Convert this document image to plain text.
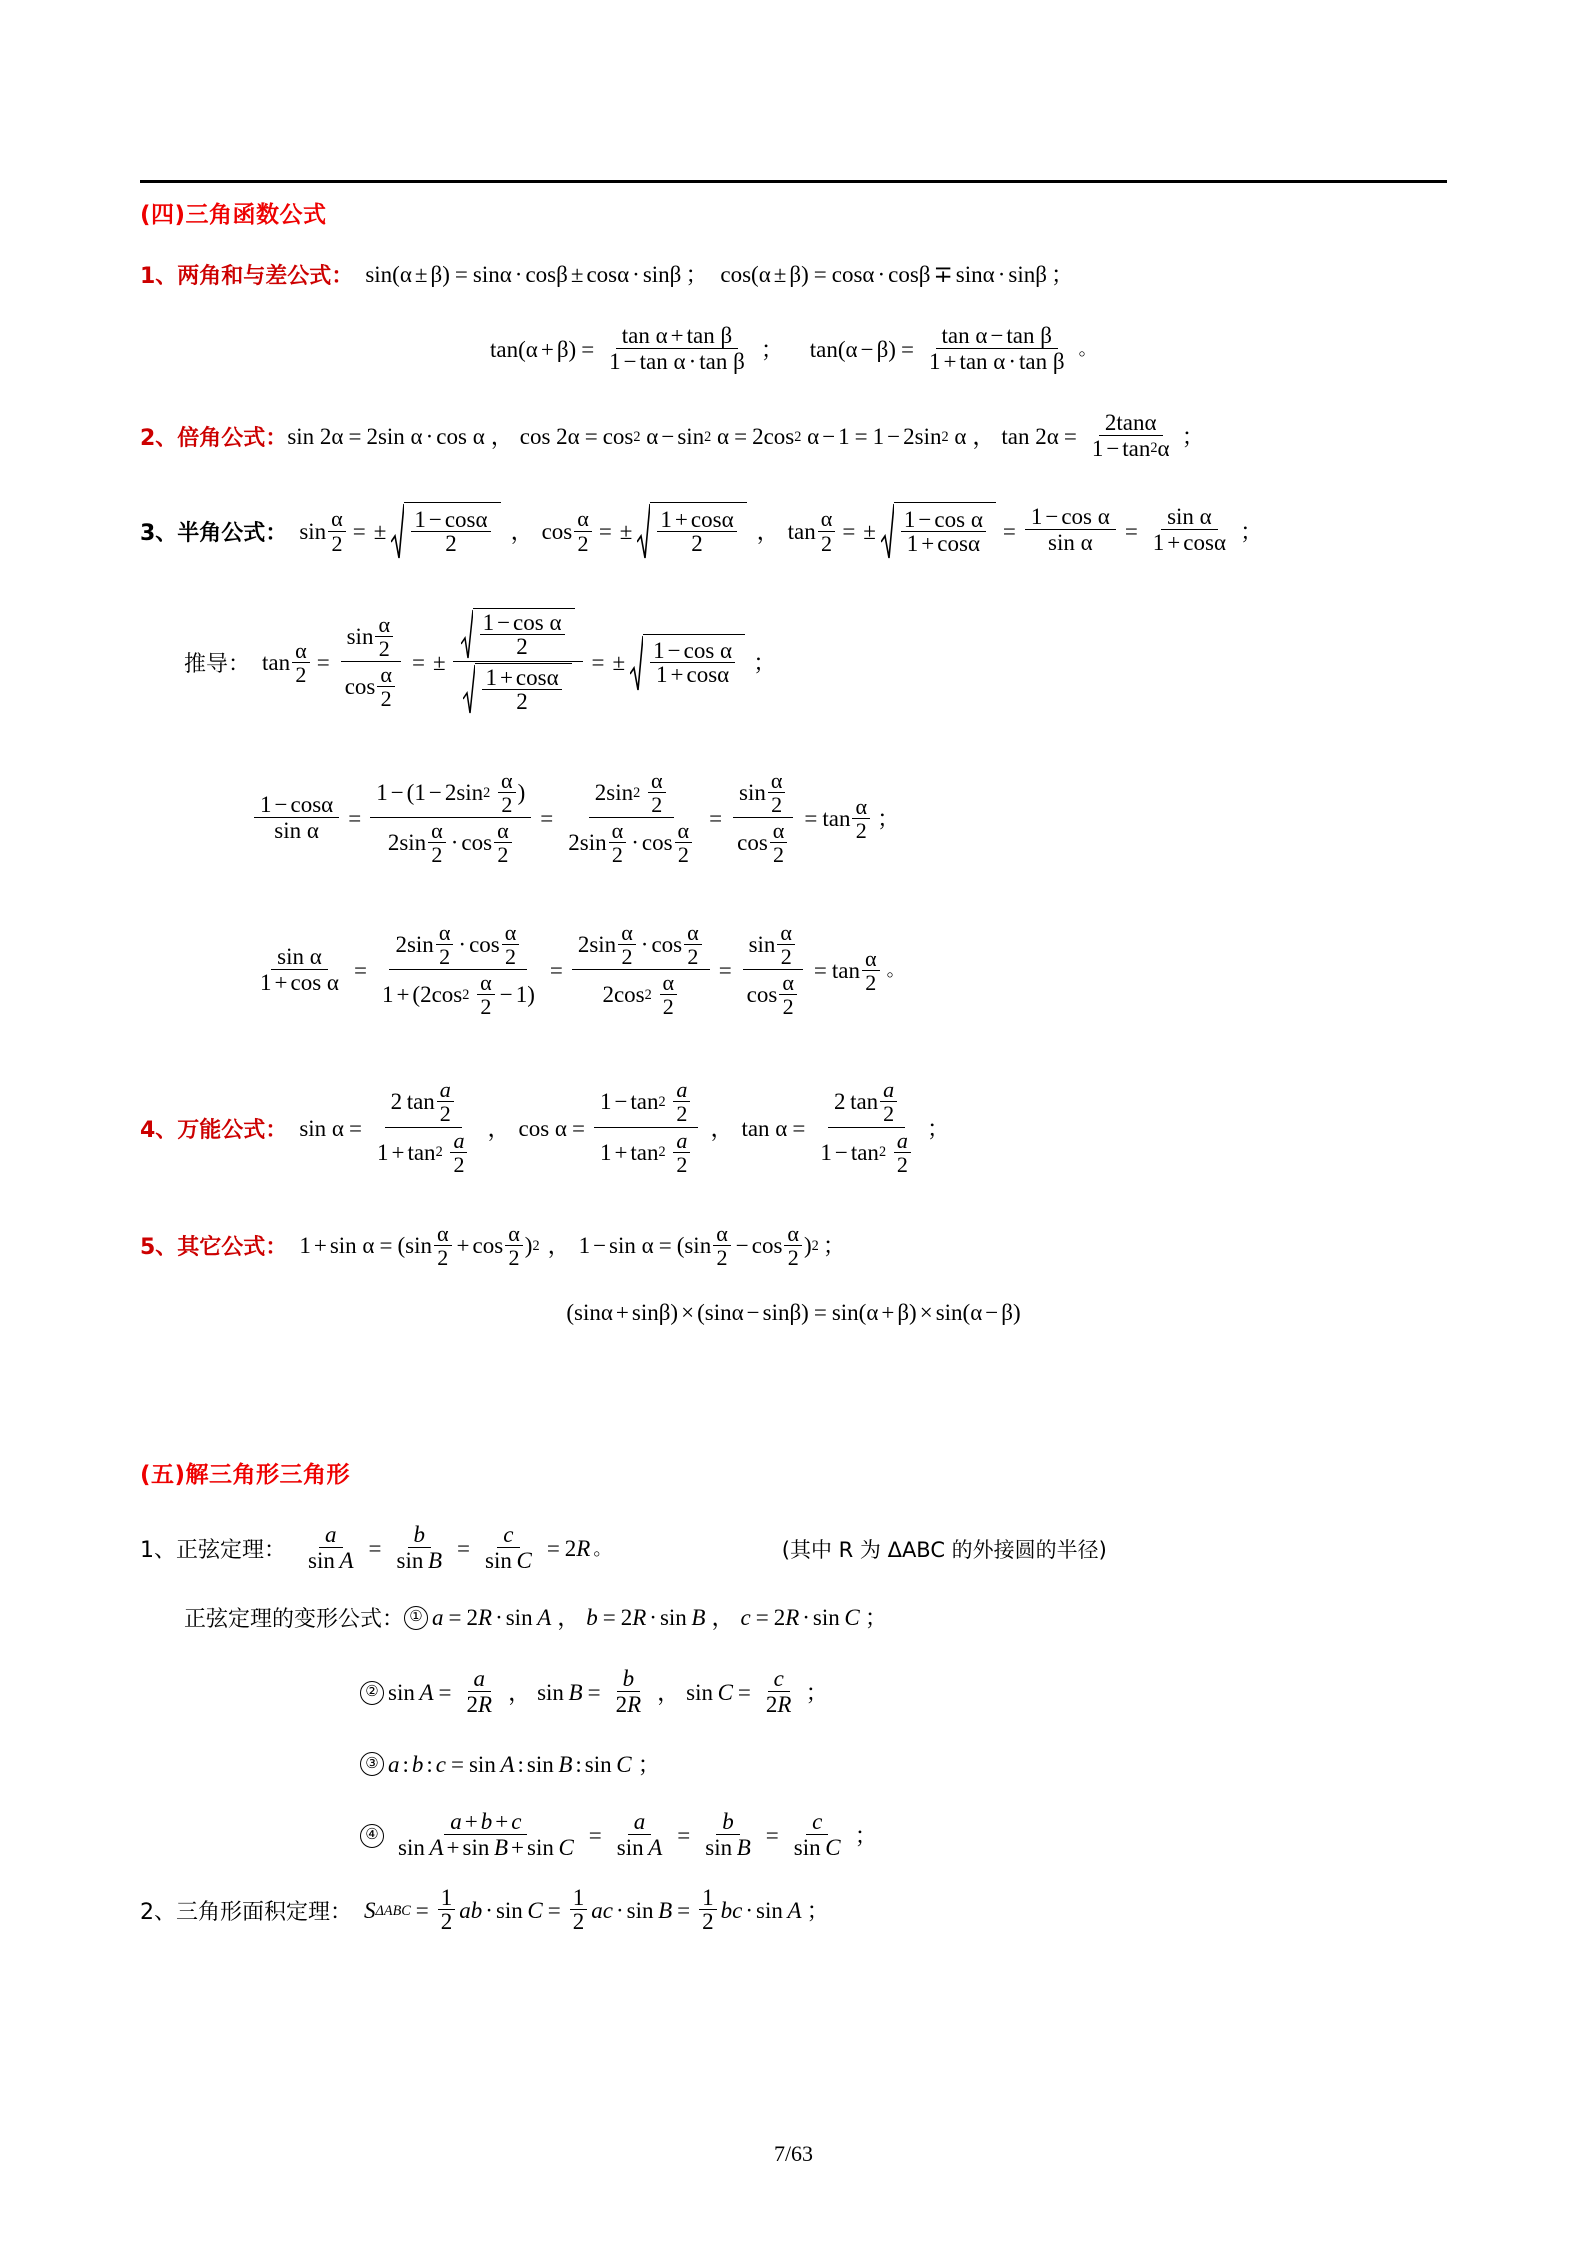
(四)三角函数公式
1、两角和与差公式 ： sin(α ± β) = sinα · cosβ ± cosα · sinβ ； cos(α ± β) = cosα · cosβ ∓ sinα · sinβ ；
$\tan(\alpha + \beta) = \frac{\text{tan α + tan β}}{\text{1 − tan α · tan β}}$ ； $\tan(\alpha - \beta) = \frac{\text{tan α − tan β}}{\text{1 + tan α · tan β}}$ 。
2、倍角公式 ： sin 2α = 2sin α · cos α ， cos 2α = cos 2 α − sin 2 α = 2cos 2 α − 1 = 1 − 2sin 2 α ， $\tan 2\alpha = \frac{2\tan\alpha}{1 - \tan 2 \alpha}$ ；
3、半角公式 ： $\sin \frac{\alpha}{2}$ = ± $\frac{1 - \cos\alpha}{2}$ ， $\cos \frac{\alpha}{2}$ = ± $\frac{1 + \cos\alpha}{2}$ ， $\tan \frac{\alpha}{2}$ = ± $\frac{\text{1 − cos α}}{1 + \cos\alpha} = \frac{\text{1 − cos α}}{\text{sin α}} = \frac{\text{sin α}}{1 + \cos\alpha}$ ；
推导 ： $\tan \frac{\alpha}{2} = \sin \alpha$
2
cos α
2 = ± $\frac{\frac{\text{1 − cos α}}{2}}{\frac{1 + \cos\alpha}{2}}$ = ± $\frac{\text{1 − cos α}}{1 + \cos\alpha}$ ；
$\frac{1 - \cos\alpha}{\text{sin α}} = 1 - (1 - 2\sin$ 2
α
2 )
2sin α
2 · cos α
2 = 2sin 2
α
2
2sin α
2 · cos α
2 = sin α
2
cos α
$2 = \tan \frac{\alpha}{2}$ ；
$\frac{\text{sin α}}{\text{1 + cos α}} = 2\sin$ α
2 · cos α
2
1 + (2cos 2
α
2 − 1) = 2sin α
2 · cos α
2
2cos 2
α
2 = sin α
2
cos α
$2 = \tan \frac{\alpha}{2}$ 。
4、万能公式 ： sin α = 2 tan a
2
1 + tan 2
a
2 ， cos α = 1 − tan 2
a
2
1 + tan 2
a
2 ， tan α = 2 tan a
2
1 − tan 2
a
2 ；
5、其它公式 ： $1 + \sin \alpha = (\sin \frac{\alpha}{2} + \cos \frac{\alpha}{2}$ ) 2 ， $1 - \sin \alpha = (\sin \frac{\alpha}{2} - \cos \frac{\alpha}{2}$ ) 2 ；
(sinα + sinβ) × (sinα − sinβ) = sin(α + β) × sin(α − β)
(五)解三角形三角形
1、正弦定理 ： $\frac{a}{\text{sin  A}} = \frac{b}{\text{sin  B}} = \frac{c}{\text{sin  C}} = 2$ R 。	(其中 R 为 ΔABC 的外接圆的半径)
正弦定理的变形公式： ① a = 2 R · sin  A ， b = 2 R · sin  B ， c = 2 R · sin  C ；
② $\sin A = \frac{a}{2 R}$ ， $\sin B = \frac{b}{2 R}$ ， $\sin C = \frac{c}{2 R}$ ；
③ a : b : c = sin  A : sin  B : sin  C ；
④ $\frac{a + b + c}{\text{sin  A + sin  B + sin  C}} = \frac{a}{\text{sin  A}} = \frac{b}{\text{sin  B}} = \frac{c}{\text{sin  C}}$ ；
2、三角形面积定理 ： S $\Delta ABC = \frac{1}{2}$ ab · $\sin C = \frac{1}{2}$ ac · $\sin B = \frac{1}{2}$ bc · sin  A ；
7/63
